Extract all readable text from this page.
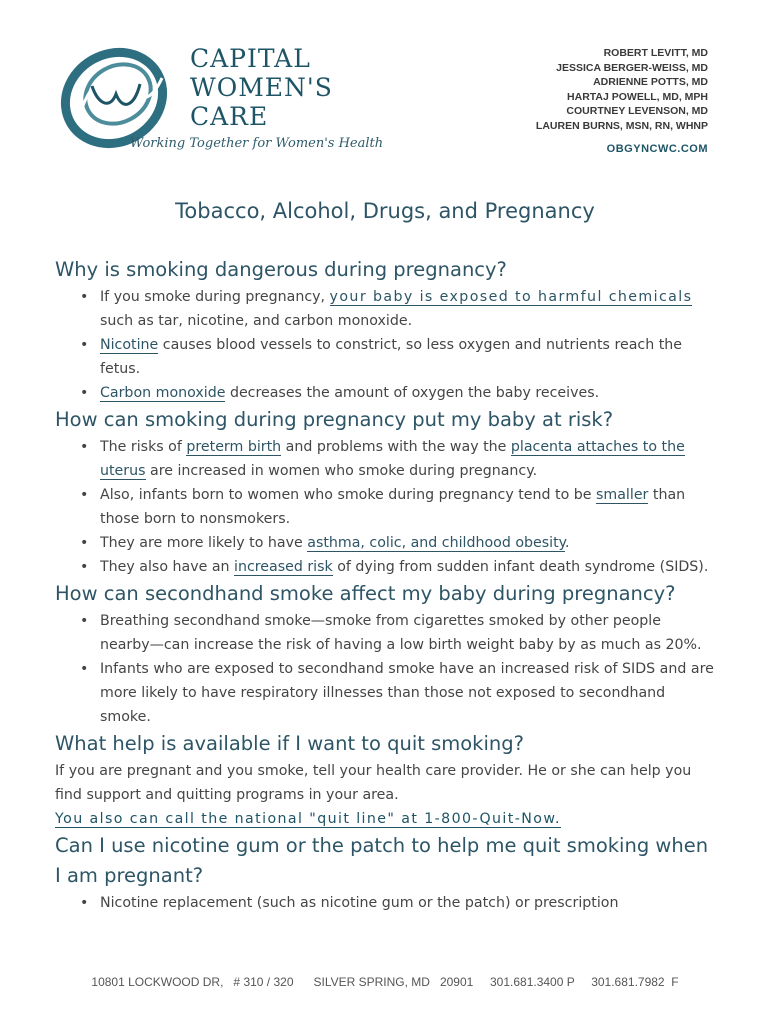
CAPITAL
WOMEN'S
CARE
Working Together for Women's Health
ROBERT LEVITT, MD
JESSICA BERGER-WEISS, MD
ADRIENNE POTTS, MD
HARTAJ POWELL, MD, MPH
COURTNEY LEVENSON, MD
LAUREN BURNS, MSN, RN, WHNP
OBGYNCWC.COM
Tobacco, Alcohol, Drugs, and Pregnancy
Why is smoking dangerous during pregnancy?
• If you smoke during pregnancy, your baby is exposed to harmful chemicals such as tar, nicotine, and carbon monoxide.
• Nicotine causes blood vessels to constrict, so less oxygen and nutrients reach the fetus.
• Carbon monoxide decreases the amount of oxygen the baby receives.
How can smoking during pregnancy put my baby at risk?
• The risks of preterm birth and problems with the way the placenta attaches to the uterus are increased in women who smoke during pregnancy.
• Also, infants born to women who smoke during pregnancy tend to be smaller than those born to nonsmokers.
• They are more likely to have asthma, colic, and childhood obesity.
• They also have an increased risk of dying from sudden infant death syndrome (SIDS).
How can secondhand smoke affect my baby during pregnancy?
• Breathing secondhand smoke—smoke from cigarettes smoked by other people nearby—can increase the risk of having a low birth weight baby by as much as 20%.
• Infants who are exposed to secondhand smoke have an increased risk of SIDS and are more likely to have respiratory illnesses than those not exposed to secondhand smoke.
What help is available if I want to quit smoking?

If you are pregnant and you smoke, tell your health care provider. He or she can help you find support and quitting programs in your area.

You also can call the national "quit line" at 1-800-Quit-Now.

Can I use nicotine gum or the patch to help me quit smoking when I am pregnant?
• Nicotine replacement (such as nicotine gum or the patch) or prescription
10801 LOCKWOOD DR,   # 310 / 320      SILVER SPRING, MD   20901     301.681.3400 P     301.681.7982  F
